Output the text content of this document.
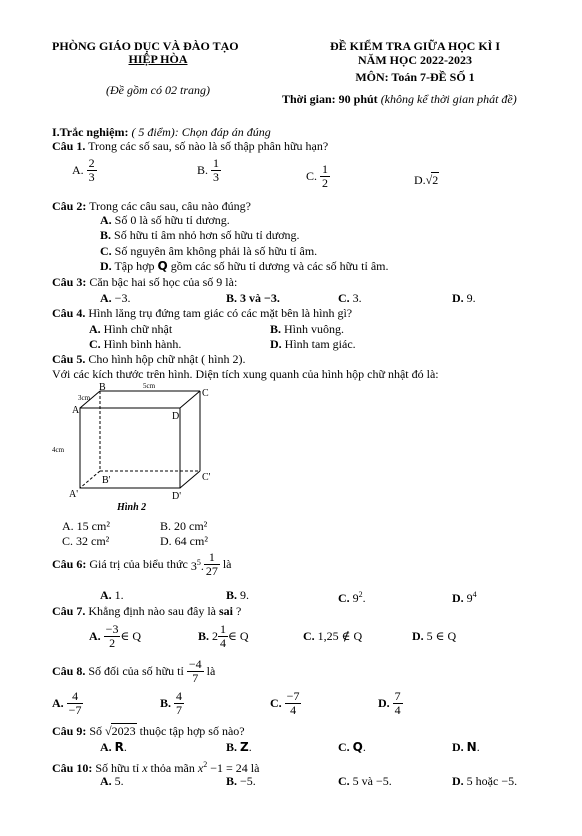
PHÒNG GIÁO DỤC VÀ ĐÀO TẠO
HIỆP HÒA
(Đề gồm có 02 trang)
ĐỀ KIỂM TRA GIỮA HỌC KÌ I
NĂM HỌC 2022-2023
MÔN: Toán 7-ĐỀ SỐ 1
Thời gian: 90 phút (không kể thời gian phát đề)
I.Trắc nghiệm: ( 5 điểm): Chọn đáp án đúng
Câu 1. Trong các số sau, số nào là số thập phân hữu hạn?
A. $\frac{2}{3}$	B. $\frac{1}{3}$	C. $\frac{1}{2}$	D.√2
Câu 2: Trong các câu sau, câu nào đúng?
A. Số 0 là số hữu tỉ dương.
B. Số hữu tỉ âm nhỏ hơn số hữu tỉ dương.
C. Số nguyên âm không phải là số hữu tỉ âm.
D. Tập hợp Q gồm các số hữu tỉ dương và các số hữu tỉ âm.
Câu 3: Căn bậc hai số học của số 9 là:
A. −3.	B. 3 và −3.	C. 3.	D. 9.
Câu 4. Hình lăng trụ đứng tam giác có các mặt bên là hình gì?
A. Hình chữ nhật	B. Hình vuông.
C. Hình bình hành.	D. Hình tam giác.
Câu 5. Cho hình hộp chữ nhật ( hình 2).
Với các kích thước trên hình. Diện tích xung quanh của hình hộp chữ nhật đó là:
B
C
A
D
B'	C'
A'	D'
5cm
3cm
4cm
Hình 2
A. 15 cm²	B. 20 cm²
C. 32 cm²	D. 64 cm²
Câu 6: Giá trị của biểu thức $3^5$. $\frac{1}{27}$ là
A. 1.	B. 9.	C. $9^2$.	D. $9^4$
Câu 7. Khẳng định nào sau đây là sai ?
A. $\frac{-3}{2}$ ∈ Q	B. $2 \frac{1}{4}$ ∈ Q	C. 1,25 ∉ Q	D. 5 ∈ Q
Câu 8. Số đối của số hữu tỉ $\frac{-4}{7}$ là
A. $\frac{4}{-7}$	B. $\frac{4}{7}$	C. $\frac{-7}{4}$	D. $\frac{7}{4}$
Câu 9: Số √2023 thuộc tập hợp số nào?
A. R.	B. Z.	C. Q.	D. N.
Câu 10: Số hữu tỉ x thỏa mãn $x^2 -1 = 24$ là
A. 5.	B. −5.	C. 5 và −5.	D. 5 hoặc −5.
